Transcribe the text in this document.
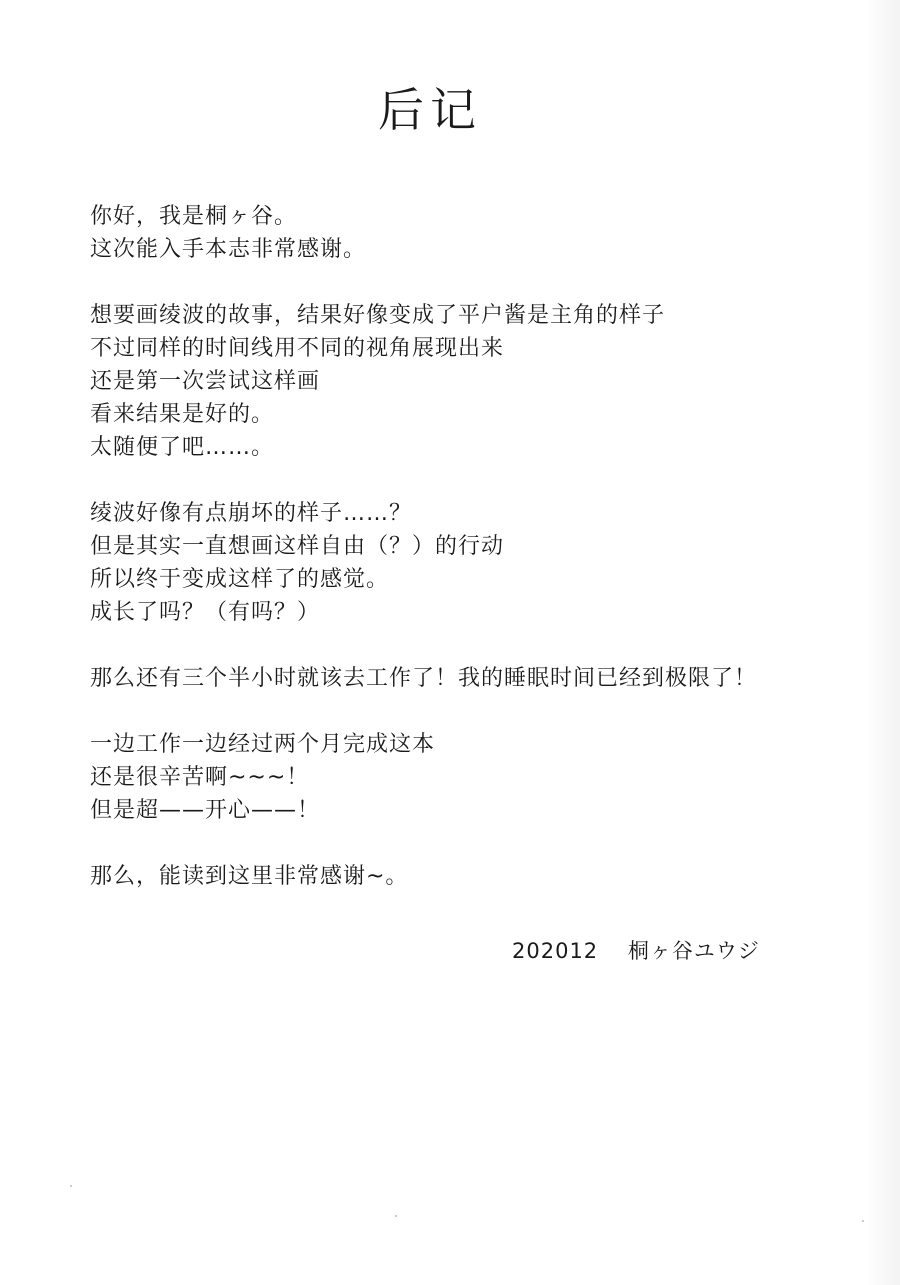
后记
你好，我是桐ヶ谷。
这次能入手本志非常感谢。
想要画绫波的故事，结果好像变成了平户酱是主角的样子
不过同样的时间线用不同的视角展现出来
还是第一次尝试这样画
看来结果是好的。
太随便了吧……。
绫波好像有点崩坏的样子……？
但是其实一直想画这样自由（？）的行动
所以终于变成这样了的感觉。
成长了吗？（有吗？）
那么还有三个半小时就该去工作了！我的睡眠时间已经到极限了！
一边工作一边经过两个月完成这本
还是很辛苦啊~~~！
但是超——开心——！
那么，能读到这里非常感谢~。
202012 桐ヶ谷ユウジ
